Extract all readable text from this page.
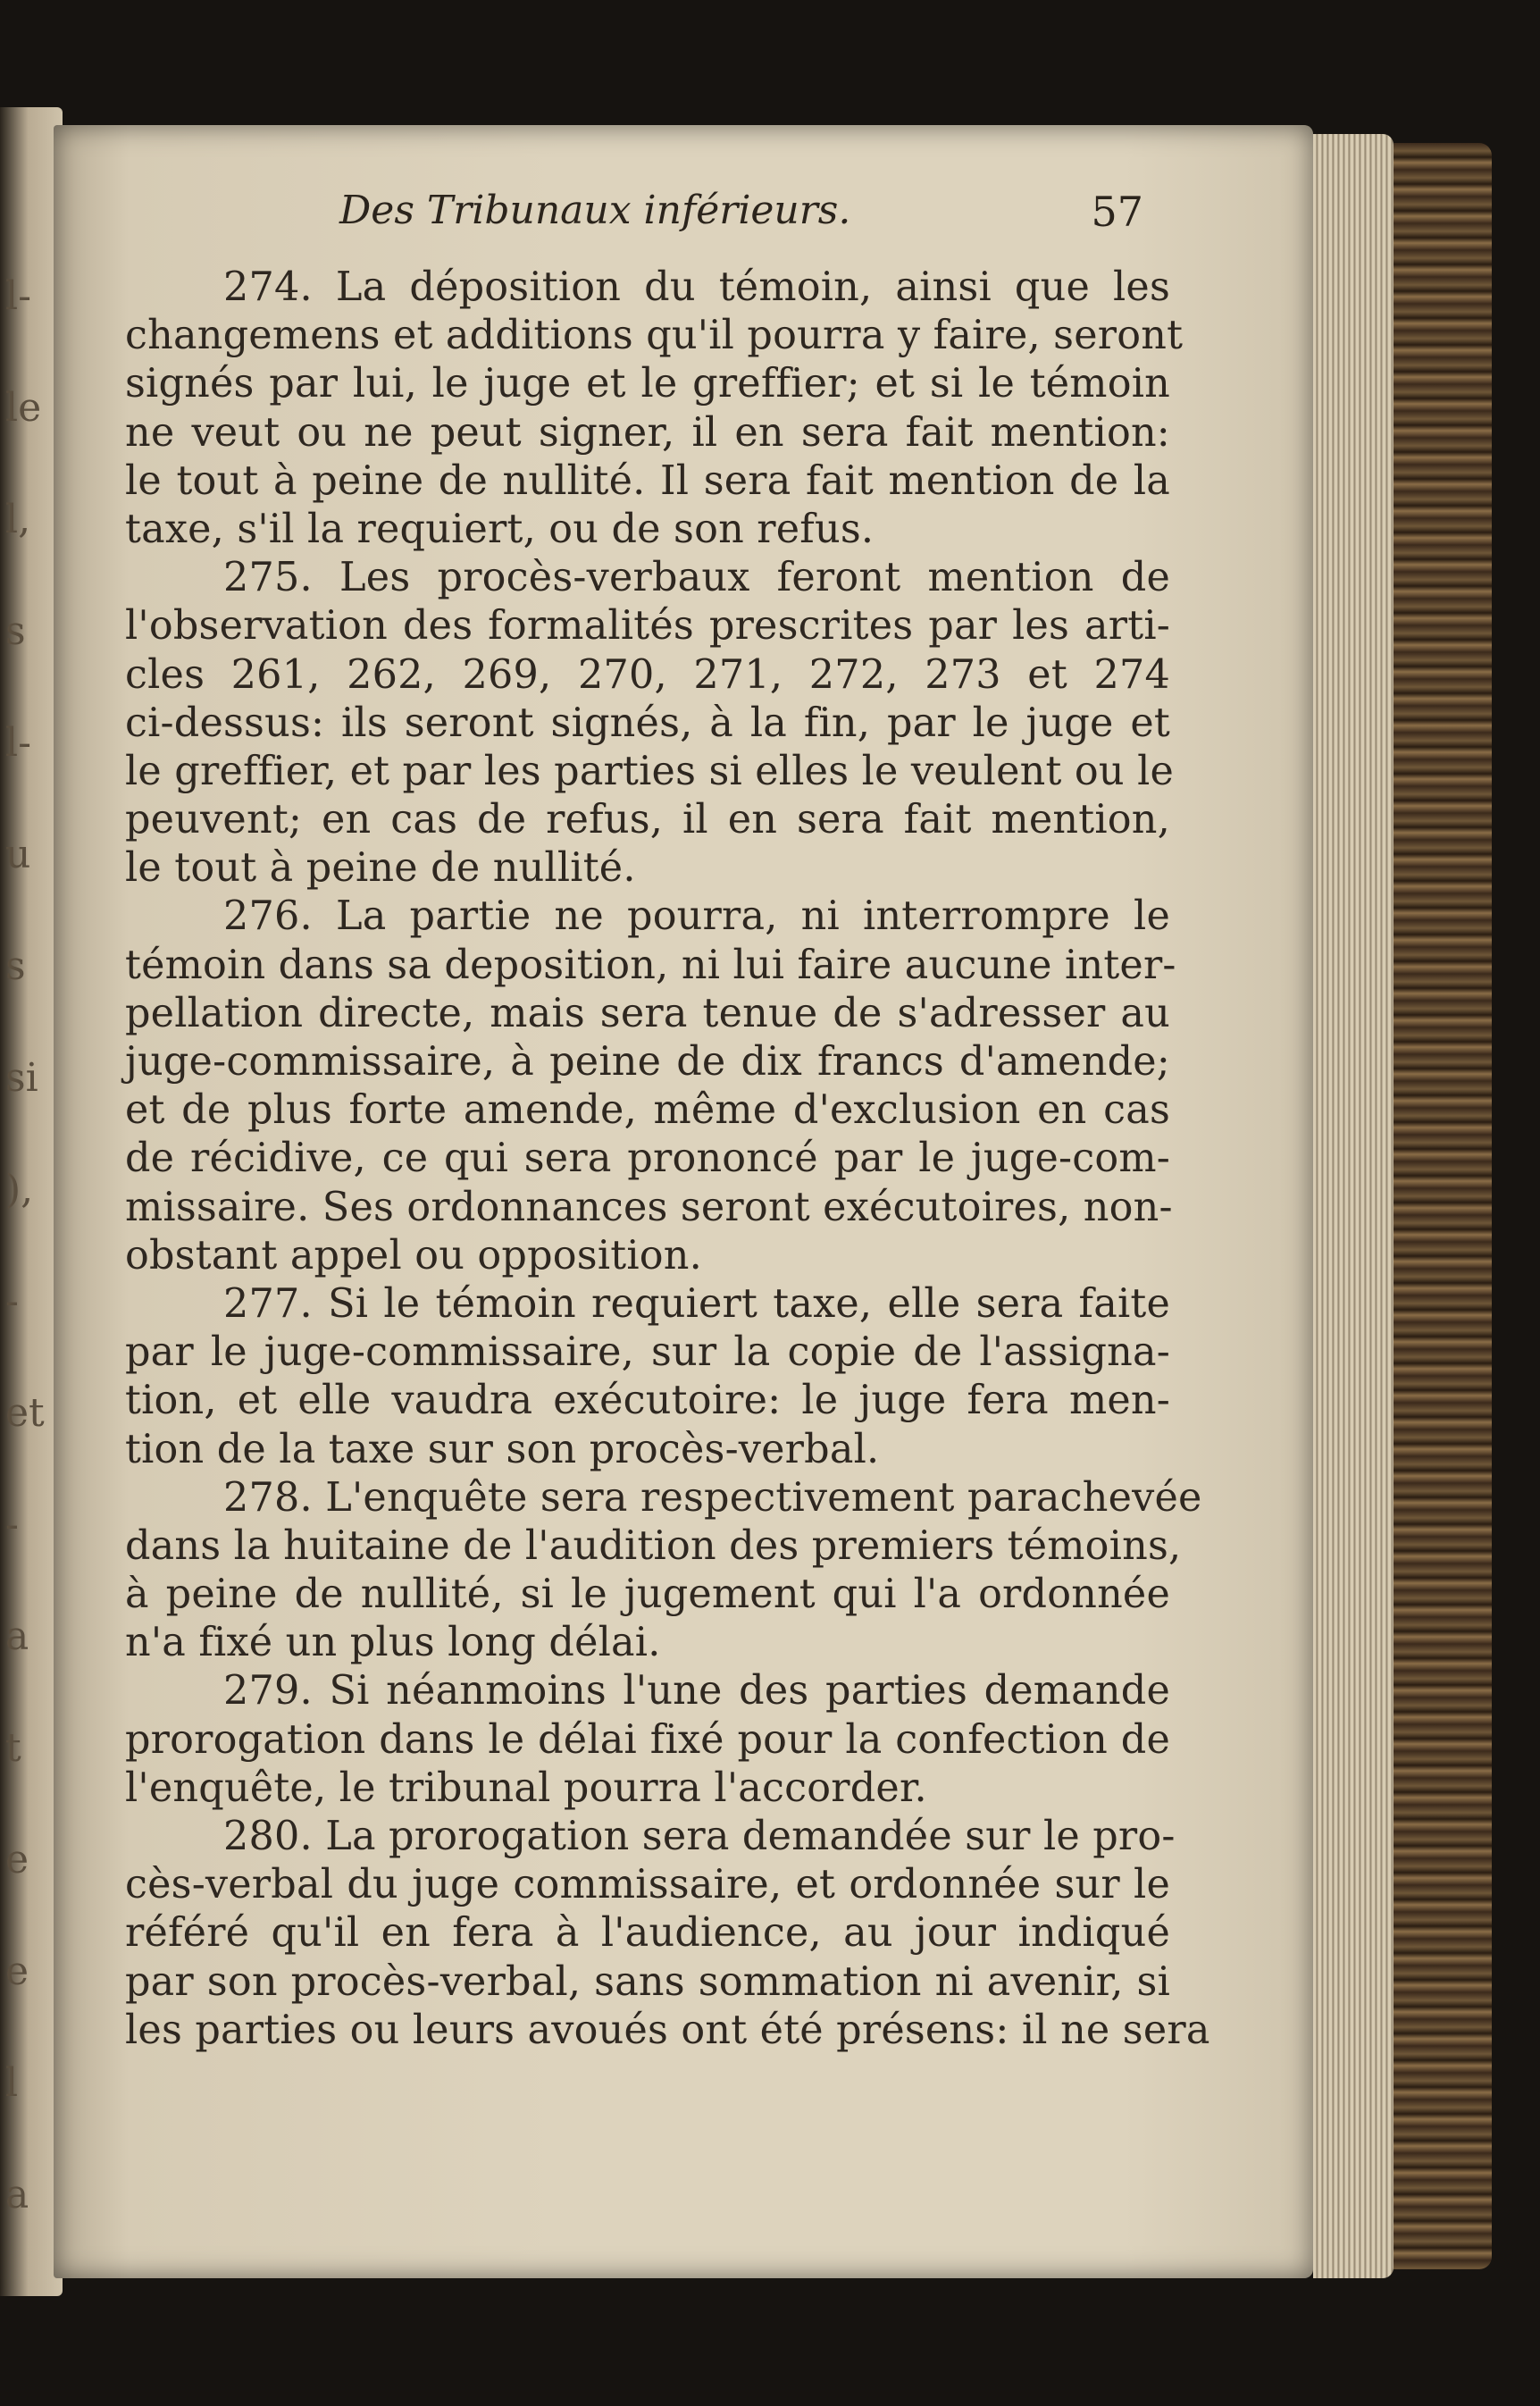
l-
le
l,
s
l-
u
s
si
),
-
et
-
a
t
e
e
l
a
Des Tribunaux inférieurs.	57
274. La déposition du témoin, ainsi que les
changemens et additions qu'il pourra y faire, seront
signés par lui, le juge et le greffier; et si le témoin
ne veut ou ne peut signer, il en sera fait mention:
le tout à peine de nullité. Il sera fait mention de la
taxe, s'il la requiert, ou de son refus.
275. Les procès-verbaux feront mention de
l'observation des formalités prescrites par les arti-
cles 261, 262, 269, 270, 271, 272, 273 et 274
ci-dessus: ils seront signés, à la fin, par le juge et
le greffier, et par les parties si elles le veulent ou le
peuvent; en cas de refus, il en sera fait mention,
le tout à peine de nullité.
276. La partie ne pourra, ni interrompre le
témoin dans sa deposition, ni lui faire aucune inter-
pellation directe, mais sera tenue de s'adresser au
juge-commissaire, à peine de dix francs d'amende;
et de plus forte amende, même d'exclusion en cas
de récidive, ce qui sera prononcé par le juge-com-
missaire. Ses ordonnances seront exécutoires, non-
obstant appel ou opposition.
277. Si le témoin requiert taxe, elle sera faite
par le juge-commissaire, sur la copie de l'assigna-
tion, et elle vaudra exécutoire: le juge fera men-
tion de la taxe sur son procès-verbal.
278. L'enquête sera respectivement parachevée
dans la huitaine de l'audition des premiers témoins,
à peine de nullité, si le jugement qui l'a ordonnée
n'a fixé un plus long délai.
279. Si néanmoins l'une des parties demande
prorogation dans le délai fixé pour la confection de
l'enquête, le tribunal pourra l'accorder.
280. La prorogation sera demandée sur le pro-
cès-verbal du juge commissaire, et ordonnée sur le
référé qu'il en fera à l'audience, au jour indiqué
par son procès-verbal, sans sommation ni avenir, si
les parties ou leurs avoués ont été présens: il ne sera
